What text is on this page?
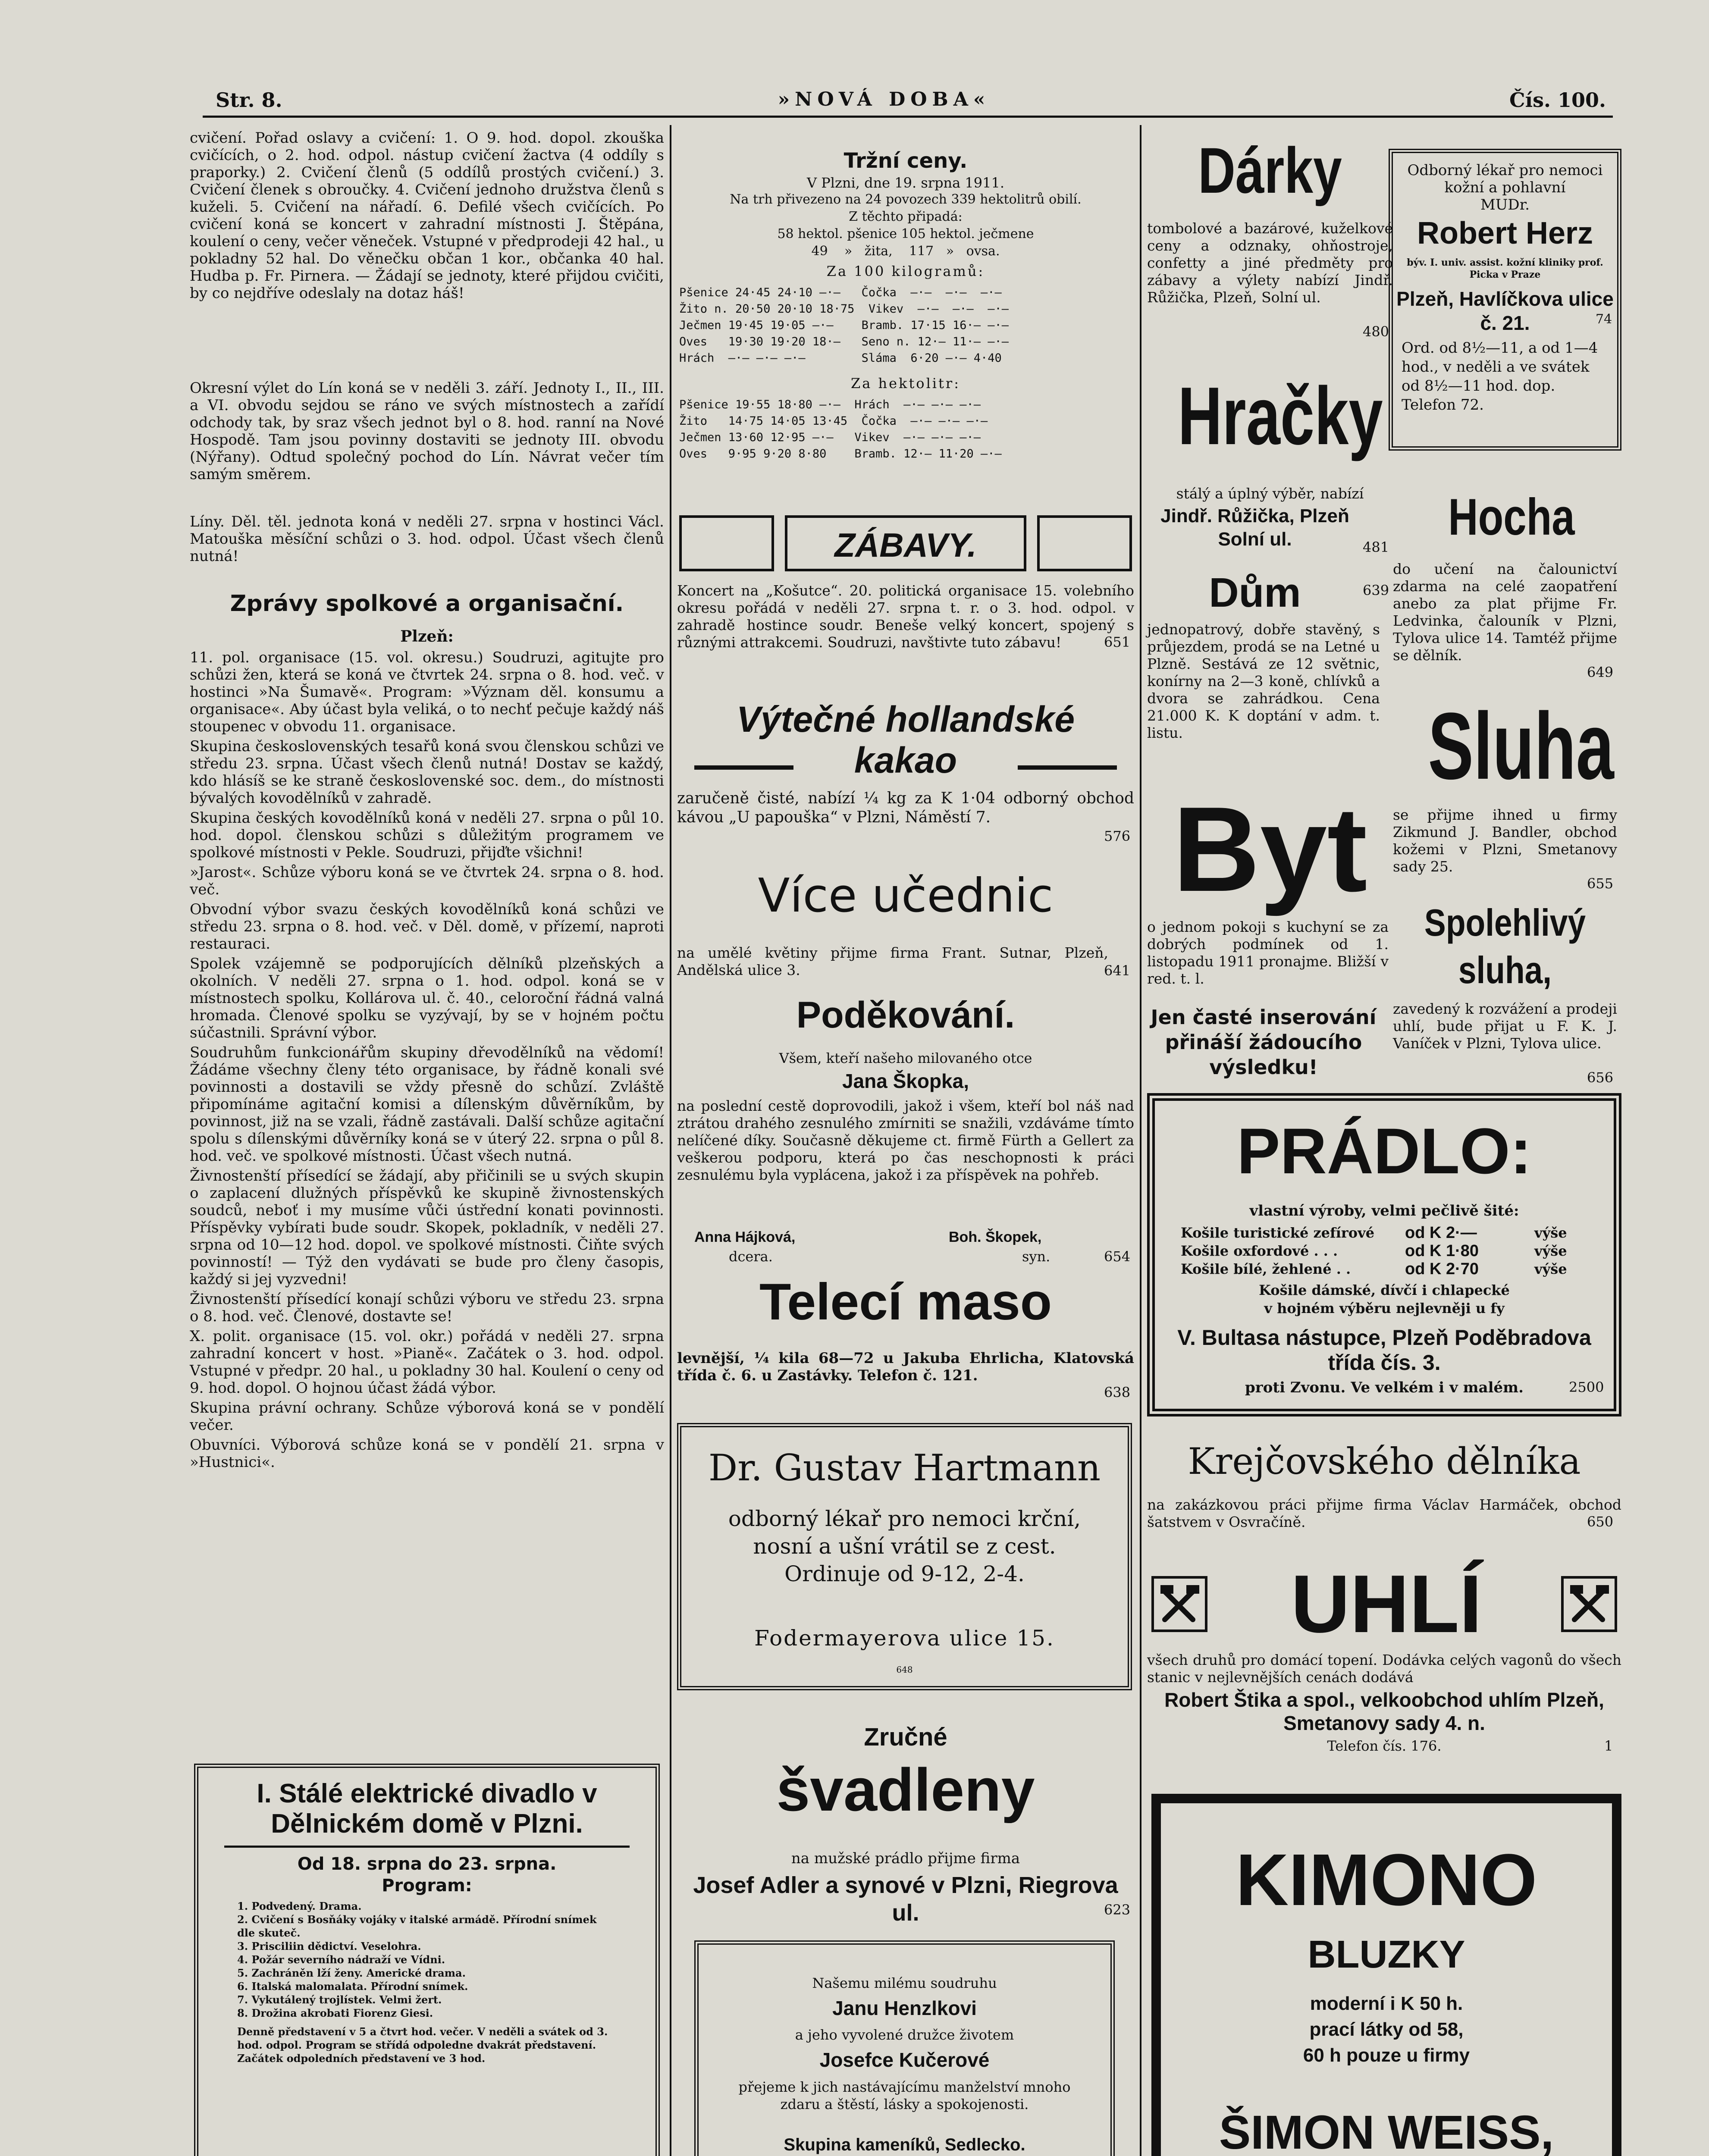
Str. 8.	»NOVÁ DOBA«	Čís. 100.

cvičení. Pořad oslavy a cvičení: 1. O 9. hod. dopol. zkouška cvičících, o 2. hod. odpol. nástup cvičení žactva (4 oddíly s praporky.) 2. Cvičení členů (5 oddílů prostých cvičení.) 3. Cvičení členek s obroučky. 4. Cvičení jednoho družstva členů s kuželi. 5. Cvičení na nářadí. 6. Defilé všech cvičících. Po cvičení koná se koncert v zahradní místnosti J. Štěpána, koulení o ceny, večer věneček. Vstupné v předprodeji 42 hal., u pokladny 52 hal. Do věnečku občan 1 kor., občanka 40 hal. Hudba p. Fr. Pirnera. — Žádají se jednoty, které přijdou cvičiti, by co nejdříve odeslaly na dotaz háš!

Okresní výlet do Lín koná se v neděli 3. září. Jednoty I., II., III. a VI. obvodu sejdou se ráno ve svých místnostech a zařídí odchody tak, by sraz všech jednot byl o 8. hod. ranní na Nové Hospodě. Tam jsou povinny dostaviti se jednoty III. obvodu (Nýřany). Odtud společný pochod do Lín. Návrat večer tím samým směrem.

Líny. Děl. těl. jednota koná v neděli 27. srpna v hostinci Václ. Matouška měsíční schůzi o 3. hod. odpol. Účast všech členů nutná!

Zprávy spolkové a organisační.
Plzeň:

11. pol. organisace (15. vol. okresu.) Soudruzi, agitujte pro schůzi žen, která se koná ve čtvrtek 24. srpna o 8. hod. več. v hostinci »Na Šumavě«. Program: »Význam děl. konsumu a organisace«. Aby účast byla veliká, o to nechť pečuje každý náš stoupenec v obvodu 11. organisace.

Skupina československých tesařů koná svou členskou schůzi ve středu 23. srpna. Účast všech členů nutná! Dostav se každý, kdo hlásíš se ke straně československé soc. dem., do místnosti bývalých kovodělníků v zahradě.

Skupina českých kovodělníků koná v neděli 27. srpna o půl 10. hod. dopol. členskou schůzi s důležitým programem ve spolkové místnosti v Pekle. Soudruzi, přijďte všichni!

»Jarost«. Schůze výboru koná se ve čtvrtek 24. srpna o 8. hod. več.

Obvodní výbor svazu českých kovodělníků koná schůzi ve středu 23. srpna o 8. hod. več. v Děl. domě, v přízemí, naproti restauraci.

Spolek vzájemně se podporujících dělníků plzeňských a okolních. V neděli 27. srpna o 1. hod. odpol. koná se v místnostech spolku, Kollárova ul. č. 40., celoroční řádná valná hromada. Členové spolku se vyzývají, by se v hojném počtu súčastnili. Správní výbor.

Soudruhům funkcionářům skupiny dřevodělníků na vědomí! Žádáme všechny členy této organisace, by řádně konali své povinnosti a dostavili se vždy přesně do schůzí. Zvláště připomínáme agitační komisi a dílenským důvěrníkům, by povinnost, již na se vzali, řádně zastávali. Další schůze agitační spolu s dílenskými důvěrníky koná se v úterý 22. srpna o půl 8. hod. več. ve spolkové místnosti. Účast všech nutná.

Živnostenští přísedící se žádají, aby přičinili se u svých skupin o zaplacení dlužných příspěvků ke skupině živnostenských soudců, neboť i my musíme vůči ústřední konati povinnosti. Příspěvky vybírati bude soudr. Skopek, pokladník, v neděli 27. srpna od 10—12 hod. dopol. ve spolkové místnosti. Čiňte svých povinností! — Týž den vydávati se bude pro členy časopis, každý si jej vyzvedni!

Živnostenští přísedící konají schůzi výboru ve středu 23. srpna o 8. hod. več. Členové, dostavte se!

X. polit. organisace (15. vol. okr.) pořádá v neděli 27. srpna zahradní koncert v host. »Pianě«. Začátek o 3. hod. odpol. Vstupné v předpr. 20 hal., u pokladny 30 hal. Koulení o ceny od 9. hod. dopol. O hojnou účast žádá výbor.

Skupina právní ochrany. Schůze výborová koná se v pondělí večer.

Obuvníci. Výborová schůze koná se v pondělí 21. srpna v »Hustnici«.

I. Stálé elektrické divadlo v Dělnickém domě v Plzni.
Od 18. srpna do 23. srpna.
Program:
1. Podvedený. Drama.
2. Cvičení s Bosňáky vojáky v italské armádě. Přírodní snímek dle skuteč.
3. Prisciliin dědictví. Veselohra.
4. Požár severního nádraží ve Vídni.
5. Zachráněn lží ženy. Americké drama.
6. Italská malomalata. Přírodní snímek.
7. Vykutálený trojlístek. Velmi žert.
8. Drožina akrobati Fiorenz Giesi.
Denně představení v 5 a čtvrt hod. večer. V neděli a svátek od 3. hod. odpol. Program se střídá odpoledne dvakrát představení. Začátek odpoledních představení ve 3 hod.
Tržní ceny.
V Plzni, dne 19. srpna 1911.
Na trh přivezeno na 24 povozech 339 hektolitrů obilí.
Z těchto připadá:
58 hektol. pšenice 105 hektol. ječmene
49    »   žita,    117   »   ovsa.
Za 100 kilogramů:
Pšenice 24·45 24·10 —·—   Čočka  —·—  —·—  —·—
Žito n. 20·50 20·10 18·75  Vikev  —·—  —·—  —·—
Ječmen 19·45 19·05 —·—    Bramb. 17·15 16·— —·—
Oves   19·30 19·20 18·—   Seno n. 12·— 11·— —·—
Hrách  —·— —·— —·—        Sláma  6·20 —·— 4·40
Za hektolitr:
Pšenice 19·55 18·80 —·—  Hrách  —·— —·— —·—
Žito   14·75 14·05 13·45  Čočka  —·— —·— —·—
Ječmen 13·60 12·95 —·—   Vikev  —·— —·— —·—
Oves   9·95 9·20 8·80    Bramb. 12·— 11·20 —·—
ZÁBAVY.

Koncert na „Košutce“. 20. politická organisace 15. volebního okresu pořádá v neděli 27. srpna t. r. o 3. hod. odpol. v zahradě hostince soudr. Beneše velký koncert, spojený s různými attrakcemi. Soudruzi, navštivte tuto zábavu!	651
Výtečné hollandské
kakao

zaručeně čisté, nabízí ¼ kg za K 1·04 odborný obchod kávou „U papouška“ v Plzni, Náměstí 7.

576
Více učednic

na umělé květiny přijme firma Frant. Sutnar, Plzeň, Andělská ulice 3.	641
Poděkování.
Všem, kteří našeho milovaného otce
Jana Škopka,

na poslední cestě doprovodili, jakož i všem, kteří bol náš nad ztrátou drahého zesnulého zmírniti se snažili, vzdáváme tímto nelíčené díky. Současně děkujeme ct. firmě Fürth a Gellert za veškerou podporu, která po čas neschopnosti k práci zesnulému byla vyplácena, jakož i za příspěvek na pohřeb.

Anna Hájková,	Boh. Škopek,
dcera.	syn.	654
Telecí maso

levnější, ¼ kila 68—72 u Jakuba Ehrlicha, Klatovská třída č. 6. u Zastávky. Telefon č. 121.

638
Dr. Gustav Hartmann
odborný lékař pro nemoci krční, nosní a ušní vrátil se z cest. Ordinuje od 9-12, 2-4.
Fodermayerova ulice 15.
648
Zručné
švadleny
na mužské prádlo přijme firma
Josef Adler a synové v Plzni, Riegrova ul.	623
Našemu milému soudruhu
Janu Henzlkovi
a jeho vyvolené družce životem
Josefce Kučerové
přejeme k jich nastávajícímu manželství mnoho zdaru a štěstí, lásky a spokojenosti.
Skupina kameníků, Sedlecko.
Dárky

tombolové a bazárové, kuželkové ceny a odznaky, ohňostroje, confetty a jiné předměty pro zábavy a výlety nabízí Jindř. Růžička, Plzeň, Solní ul.

480
Odborný lékař pro nemoci kožní a pohlavní
MUDr.
Robert Herz
býv. I. univ. assist. kožní kliniky prof. Picka v Praze
Plzeň, Havlíčkova ulice č. 21.	74
Ord. od 8½—11, a od 1—4 hod., v neděli a ve svátek od 8½—11 hod. dop. Telefon 72.
Hračky
stálý a úplný výběr, nabízí
Jindř. Růžička, Plzeň Solní ul.	481
Hocha

do učení na čalounictví zdarma na celé zaopatření anebo za plat přijme Fr. Ledvinka, čalouník v Plzni, Tylova ulice 14. Tamtéž přijme se dělník.

649
Dům	639

jednopatrový, dobře stavěný, s průjezdem, prodá se na Letné u Plzně. Sestává ze 12 světnic, konírny na 2—3 koně, chlívků a dvora se zahrádkou. Cena 21.000 K. K doptání v adm. t. listu.	Sluha

se přijme ihned u firmy Zikmund J. Bandler, obchod kožemi v Plzni, Smetanovy sady 25.

655
Byt

o jednom pokoji s kuchyní se za dobrých podmínek od 1. listopadu 1911 pronajme. Bližší v red. t. l.

Spolehlivý
sluha,

zavedený k rozvážení a prodeji uhlí, bude přijat u F. K. J. Vaníček v Plzni, Tylova ulice.

656
Jen časté inserování přináší žádoucího výsledku!
PRÁDLO:
vlastní výroby, velmi pečlivě šité:
Košile turistické zefírové	od K 2·—	výše
Košile oxfordové . . .	od K 1·80	výše
Košile bílé, žehlené . .	od K 2·70	výše
Košile dámské, dívčí i chlapecké
v hojném výběru nejlevněji u fy
V. Bultasa nástupce, Plzeň Poděbradova třída čís. 3.
proti Zvonu. Ve velkém i v malém.	2500
Krejčovského dělníka

na zakázkovou práci přijme firma Václav Harmáček, obchod šatstvem v Osvračíně.	650
UHLÍ

všech druhů pro domácí topení. Dodávka celých vagonů do všech stanic v nejlevnějších cenách dodává

Robert Štika a spol., velkoobchod uhlím Plzeň, Smetanovy sady 4. n.
Telefon čís. 176.	1
KIMONO
BLUZKY
moderní i K 50 h.
prací látky od 58,
60 h pouze u firmy
ŠIMON WEISS,
